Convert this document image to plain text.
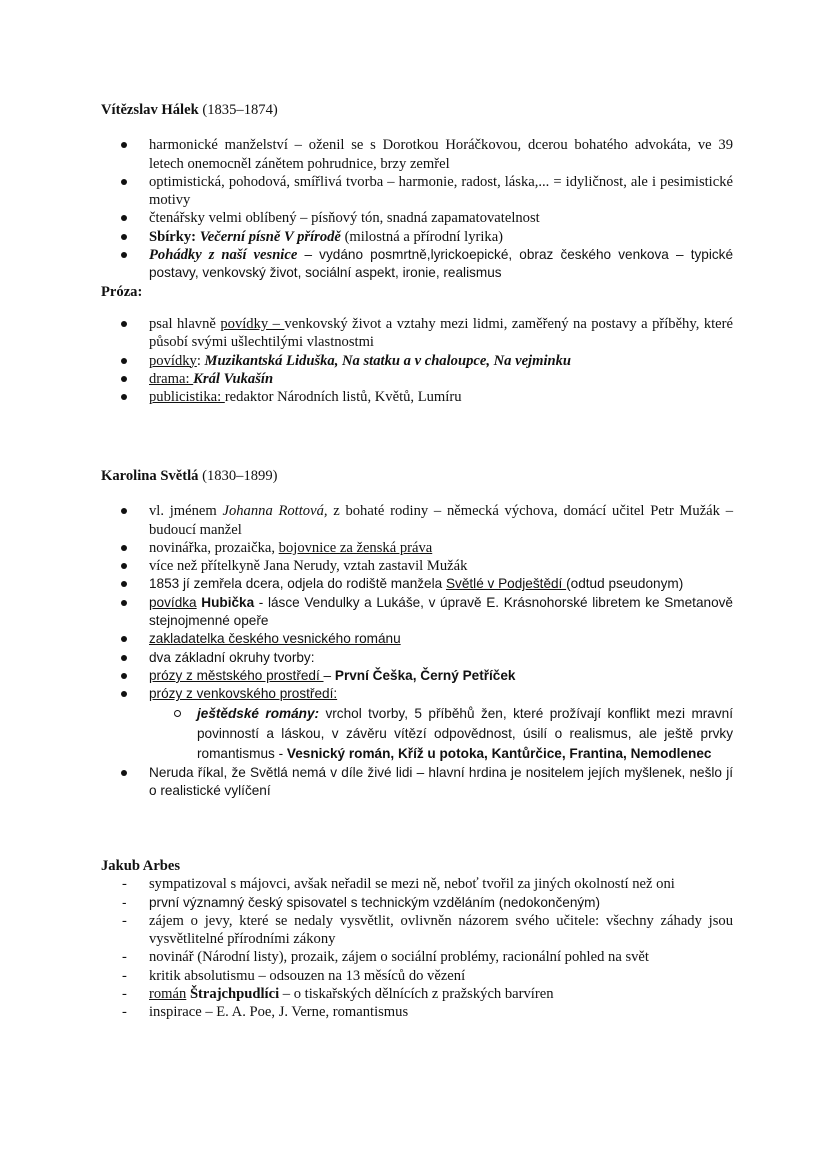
Vítězslav Hálek (1835–1874)

harmonické manželství – oženil se s Dorotkou Horáčkovou, dcerou bohatého advokáta, ve 39 letech onemocněl zánětem pohrudnice, brzy zemřel
optimistická, pohodová, smířlivá tvorba – harmonie, radost, láska,... = idyličnost, ale i pesimistické motivy
čtenářsky velmi oblíbený – písňový tón, snadná zapamatovatelnost
Sbírky: Večerní písně V přírodě (milostná a přírodní lyrika)
Pohádky z naší vesnice – vydáno posmrtně,lyrickoepické, obraz českého venkova – typické postavy, venkovský život, sociální aspekt, ironie, realismus

Próza:

psal hlavně povídky – venkovský život a vztahy mezi lidmi, zaměřený na postavy a příběhy, které působí svými ušlechtilými vlastnostmi
povídky: Muzikantská Liduška, Na statku a v chaloupce, Na vejminku
drama: Král Vukašín
publicistika: redaktor Národních listů, Květů, Lumíru

Karolina Světlá (1830–1899)

vl. jménem Johanna Rottová, z bohaté rodiny – německá výchova, domácí učitel Petr Mužák – budoucí manžel
novinářka, prozaička, bojovnice za ženská práva
více než přítelkyně Jana Nerudy, vztah zastavil Mužák
1853 jí zemřela dcera, odjela do rodiště manžela Světlé v Podještědí (odtud pseudonym)
povídka Hubička - lásce Vendulky a Lukáše, v úpravě E. Krásnohorské libretem ke Smetanově stejnojmenné opeře
zakladatelka českého vesnického románu
dva základní okruhy tvorby:
prózy z městského prostředí – První Češka, Černý Petříček
prózy z venkovského prostředí:
ještědské romány: vrchol tvorby, 5 příběhů žen, které prožívají konflikt mezi mravní povinností a láskou, v závěru vítězí odpovědnost, úsilí o realismus, ale ještě prvky romantismus - Vesnický román, Kříž u potoka, Kantůrčice, Frantina, Nemodlenec
Neruda říkal, že Světlá nemá v díle živé lidi – hlavní hrdina je nositelem jejích myšlenek, nešlo jí o realistické vylíčení

Jakub Arbes

- sympatizoval s májovci, avšak neřadil se mezi ně, neboť tvořil za jiných okolností než oni
- první významný český spisovatel s technickým vzděláním (nedokončeným)
- zájem o jevy, které se nedaly vysvětlit, ovlivněn názorem svého učitele: všechny záhady jsou vysvětlitelné přírodními zákony
- novinář (Národní listy), prozaik, zájem o sociální problémy, racionální pohled na svět
- kritik absolutismu – odsouzen na 13 měsíců do vězení
- román Štrajchpudlíci – o tiskařských dělnících z pražských barvíren
- inspirace – E. A. Poe, J. Verne, romantismus
